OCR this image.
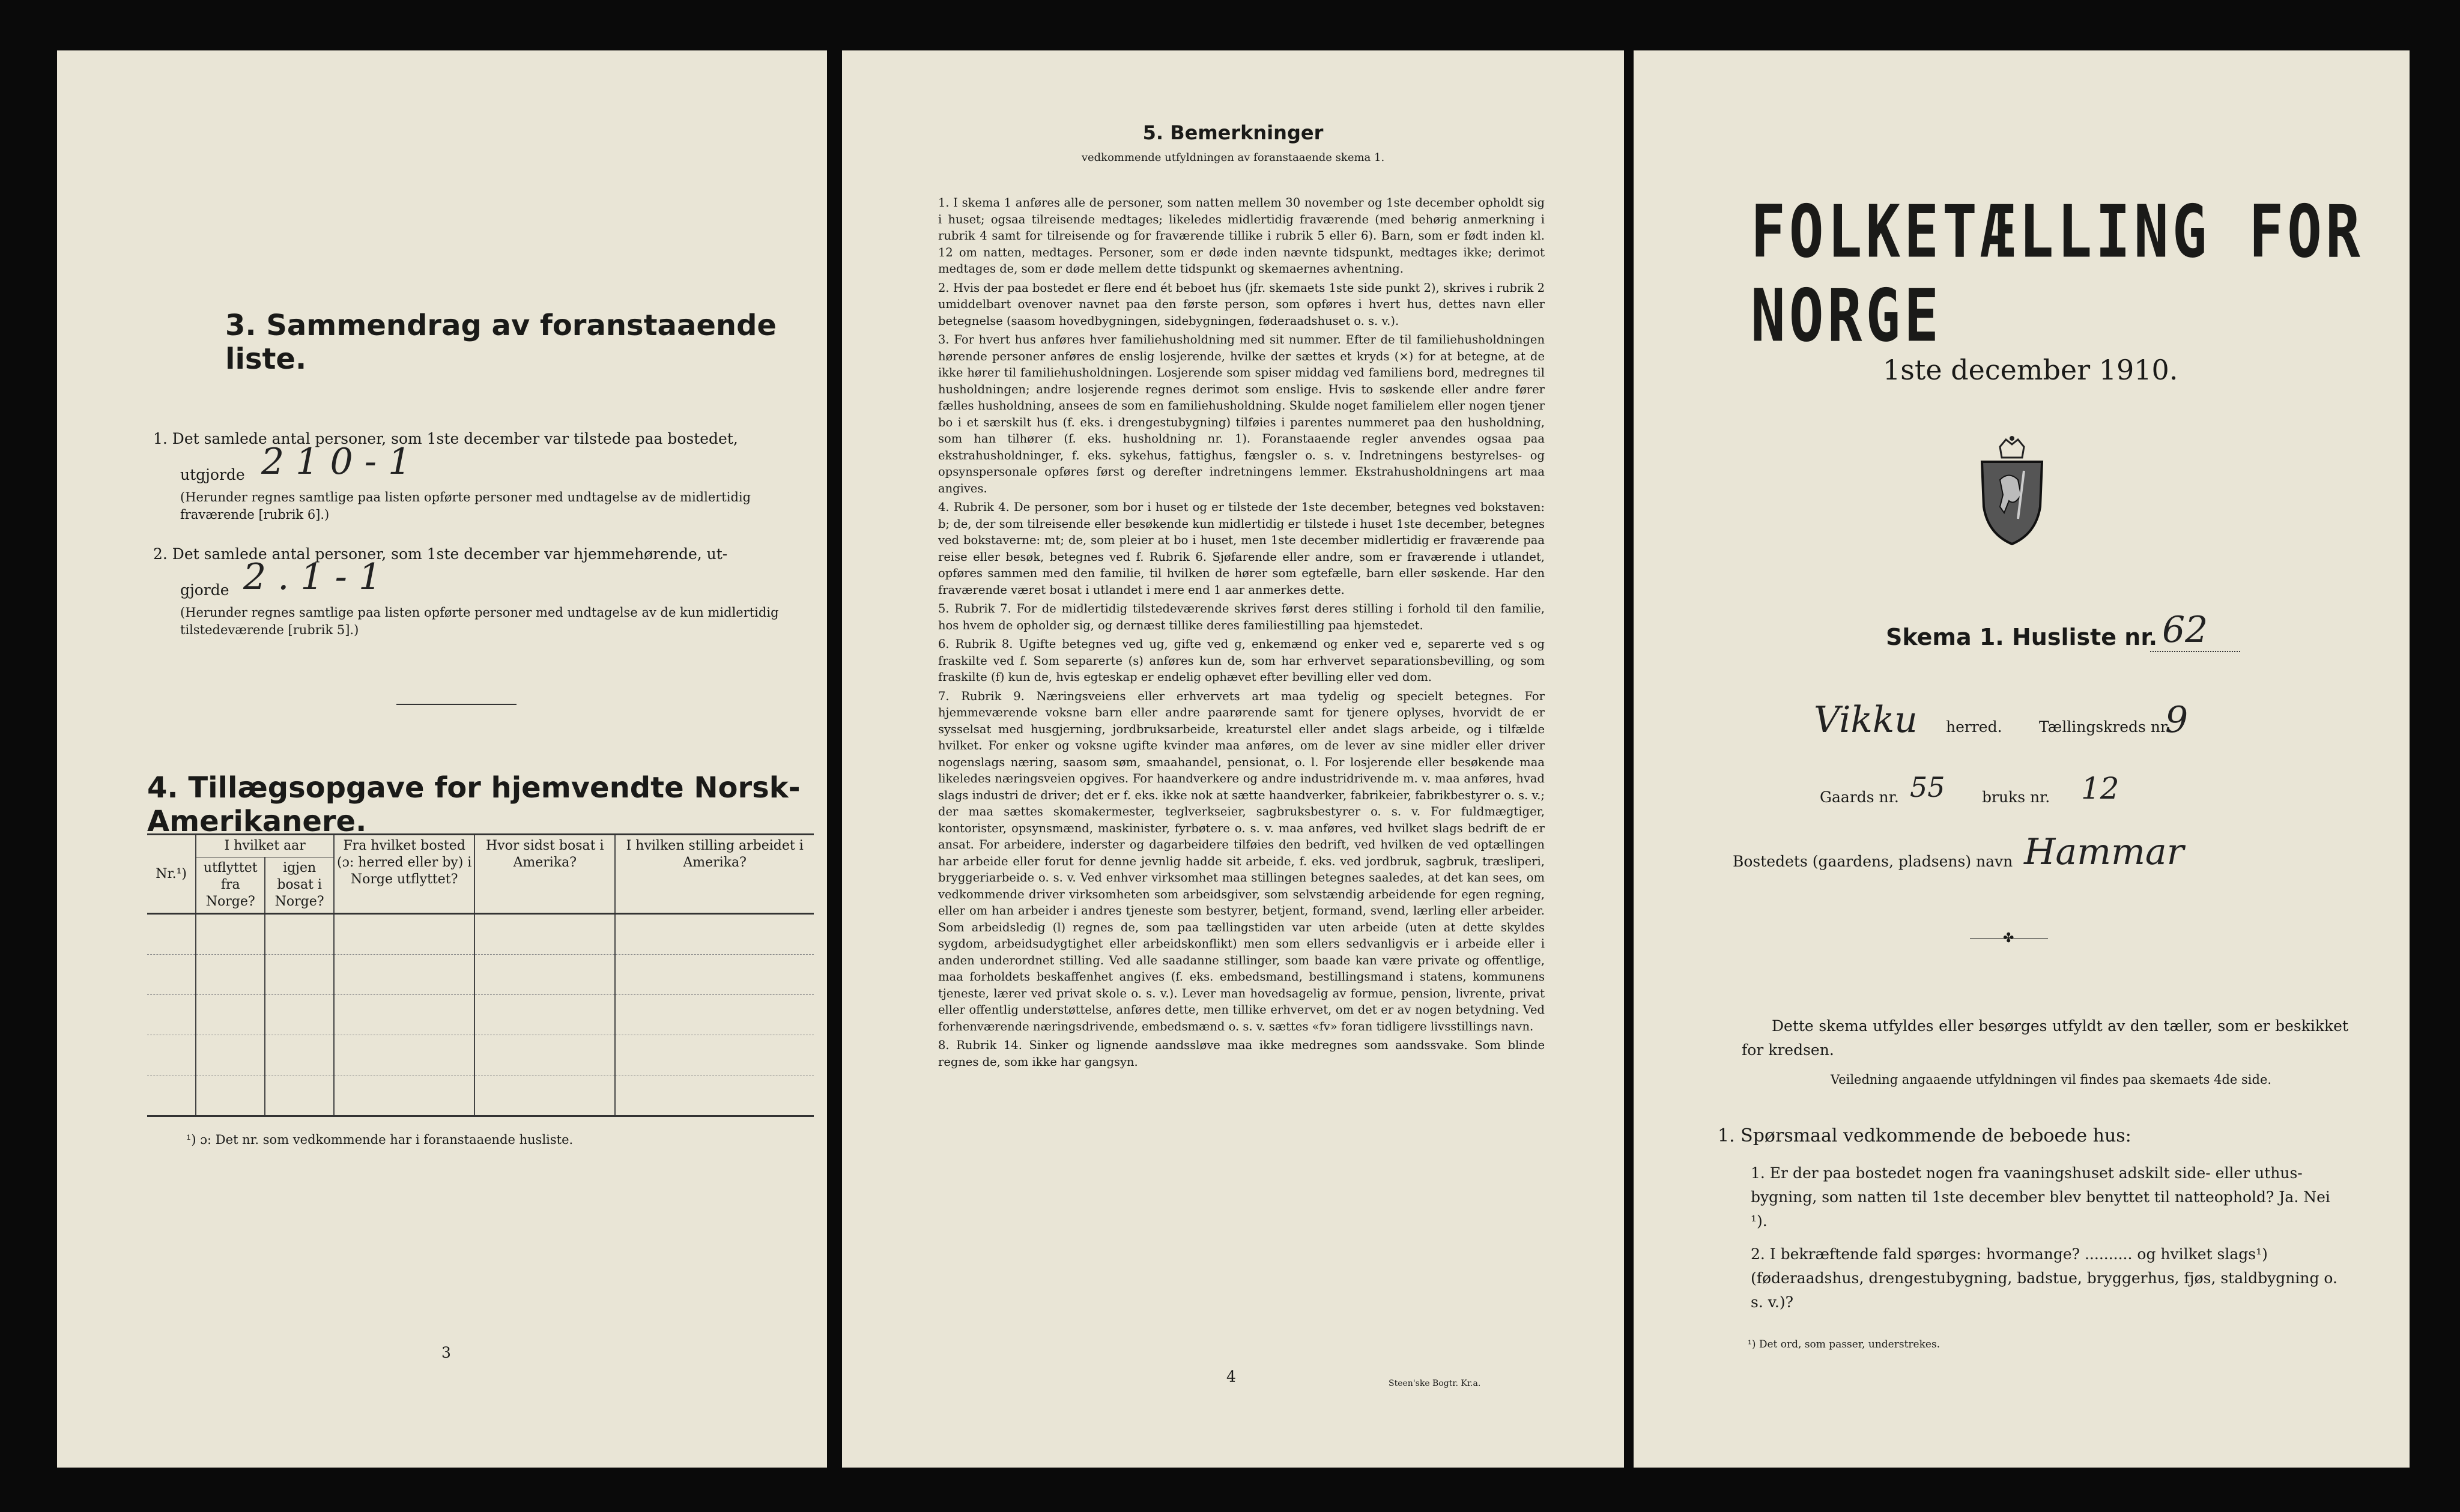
3. Sammendrag av foranstaaende liste.
1. Det samlede antal personer, som 1ste december var tilstede paa bostedet,
utgjorde 2 1 0 - 1
(Herunder regnes samtlige paa listen opførte personer med undtagelse av de midlertidig fraværende [rubrik 6].)
2. Det samlede antal personer, som 1ste december var hjemmehørende, ut-
gjorde 2 . 1 - 1
(Herunder regnes samtlige paa listen opførte personer med undtagelse av de kun midlertidig tilstedeværende [rubrik 5].)
4. Tillægsopgave for hjemvendte Norsk-Amerikanere.
Nr.¹)	I hvilket aar		Fra hvilket bosted (ɔ: herred eller by) i Norge utflyttet?	Hvor sidst bosat i Amerika?	I hvilken stilling arbeidet i Amerika?
	utflyttet fra Norge?	igjen bosat i Norge?			

¹) ɔ: Det nr. som vedkommende har i foranstaaende husliste.
3
5. Bemerkninger
vedkommende utfyldningen av foranstaaende skema 1.

1. I skema 1 anføres alle de personer, som natten mellem 30 november og 1ste december opholdt sig i huset; ogsaa tilreisende medtages; likeledes midlertidig fraværende (med behørig anmerkning i rubrik 4 samt for tilreisende og for fraværende tillike i rubrik 5 eller 6). Barn, som er født inden kl. 12 om natten, medtages. Personer, som er døde inden nævnte tidspunkt, medtages ikke; derimot medtages de, som er døde mellem dette tidspunkt og skemaernes avhentning.

2. Hvis der paa bostedet er flere end ét beboet hus (jfr. skemaets 1ste side punkt 2), skrives i rubrik 2 umiddelbart ovenover navnet paa den første person, som opføres i hvert hus, dettes navn eller betegnelse (saasom hovedbygningen, sidebygningen, føderaadshuset o. s. v.).

3. For hvert hus anføres hver familiehusholdning med sit nummer. Efter de til familiehusholdningen hørende personer anføres de enslig losjerende, hvilke der sættes et kryds (×) for at betegne, at de ikke hører til familiehusholdningen. Losjerende som spiser middag ved familiens bord, medregnes til husholdningen; andre losjerende regnes derimot som enslige. Hvis to søskende eller andre fører fælles husholdning, ansees de som en familiehusholdning. Skulde noget familielem eller nogen tjener bo i et særskilt hus (f. eks. i drengestubygning) tilføies i parentes nummeret paa den husholdning, som han tilhører (f. eks. husholdning nr. 1). Foranstaaende regler anvendes ogsaa paa ekstrahusholdninger, f. eks. sykehus, fattighus, fængsler o. s. v. Indretningens bestyrelses- og opsynspersonale opføres først og derefter indretningens lemmer. Ekstrahusholdningens art maa angives.

4. Rubrik 4. De personer, som bor i huset og er tilstede der 1ste december, betegnes ved bokstaven: b; de, der som tilreisende eller besøkende kun midlertidig er tilstede i huset 1ste december, betegnes ved bokstaverne: mt; de, som pleier at bo i huset, men 1ste december midlertidig er fraværende paa reise eller besøk, betegnes ved f. Rubrik 6. Sjøfarende eller andre, som er fraværende i utlandet, opføres sammen med den familie, til hvilken de hører som egtefælle, barn eller søskende. Har den fraværende været bosat i utlandet i mere end 1 aar anmerkes dette.

5. Rubrik 7. For de midlertidig tilstedeværende skrives først deres stilling i forhold til den familie, hos hvem de opholder sig, og dernæst tillike deres familiestilling paa hjemstedet.

6. Rubrik 8. Ugifte betegnes ved ug, gifte ved g, enkemænd og enker ved e, separerte ved s og fraskilte ved f. Som separerte (s) anføres kun de, som har erhvervet separationsbevilling, og som fraskilte (f) kun de, hvis egteskap er endelig ophævet efter bevilling eller ved dom.

7. Rubrik 9. Næringsveiens eller erhvervets art maa tydelig og specielt betegnes. For hjemmeværende voksne barn eller andre paarørende samt for tjenere oplyses, hvorvidt de er sysselsat med husgjerning, jordbruksarbeide, kreaturstel eller andet slags arbeide, og i tilfælde hvilket. For enker og voksne ugifte kvinder maa anføres, om de lever av sine midler eller driver nogenslags næring, saasom søm, smaahandel, pensionat, o. l. For losjerende eller besøkende maa likeledes næringsveien opgives. For haandverkere og andre industridrivende m. v. maa anføres, hvad slags industri de driver; det er f. eks. ikke nok at sætte haandverker, fabrikeier, fabrikbestyrer o. s. v.; der maa sættes skomakermester, teglverkseier, sagbruksbestyrer o. s. v. For fuldmægtiger, kontorister, opsynsmænd, maskinister, fyrbøtere o. s. v. maa anføres, ved hvilket slags bedrift de er ansat. For arbeidere, inderster og dagarbeidere tilføies den bedrift, ved hvilken de ved optællingen har arbeide eller forut for denne jevnlig hadde sit arbeide, f. eks. ved jordbruk, sagbruk, træsliperi, bryggeriarbeide o. s. v. Ved enhver virksomhet maa stillingen betegnes saaledes, at det kan sees, om vedkommende driver virksomheten som arbeidsgiver, som selvstændig arbeidende for egen regning, eller om han arbeider i andres tjeneste som bestyrer, betjent, formand, svend, lærling eller arbeider. Som arbeidsledig (l) regnes de, som paa tællingstiden var uten arbeide (uten at dette skyldes sygdom, arbeidsudygtighet eller arbeidskonflikt) men som ellers sedvanligvis er i arbeide eller i anden underordnet stilling. Ved alle saadanne stillinger, som baade kan være private og offentlige, maa forholdets beskaffenhet angives (f. eks. embedsmand, bestillingsmand i statens, kommunens tjeneste, lærer ved privat skole o. s. v.). Lever man hovedsagelig av formue, pension, livrente, privat eller offentlig understøttelse, anføres dette, men tillike erhvervet, om det er av nogen betydning. Ved forhenværende næringsdrivende, embedsmænd o. s. v. sættes «fv» foran tidligere livsstillings navn.

8. Rubrik 14. Sinker og lignende aandssløve maa ikke medregnes som aandssvake. Som blinde regnes de, som ikke har gangsyn.

4	Steen'ske Bogtr. Kr.a.
FOLKETÆLLING FOR NORGE
1ste december 1910.
Skema 1. Husliste nr. 62
Vikku herred. Tællingskreds nr.
9
Gaards nr. 55 bruks nr. 12
Bostedets (gaardens, pladsens) navn Hammar
✤
Dette skema utfyldes eller besørges utfyldt av den tæller, som er beskikket for kredsen.
Veiledning angaaende utfyldningen vil findes paa skemaets 4de side.
1. Spørsmaal vedkommende de beboede hus:
1. Er der paa bostedet nogen fra vaaningshuset adskilt side- eller uthus-bygning, som natten til 1ste december blev benyttet til natteophold? Ja. Nei ¹).
2. I bekræftende fald spørges: hvormange? .......... og hvilket slags¹) (føderaadshus, drengestubygning, badstue, bryggerhus, fjøs, staldbygning o. s. v.)?
¹) Det ord, som passer, understrekes.
